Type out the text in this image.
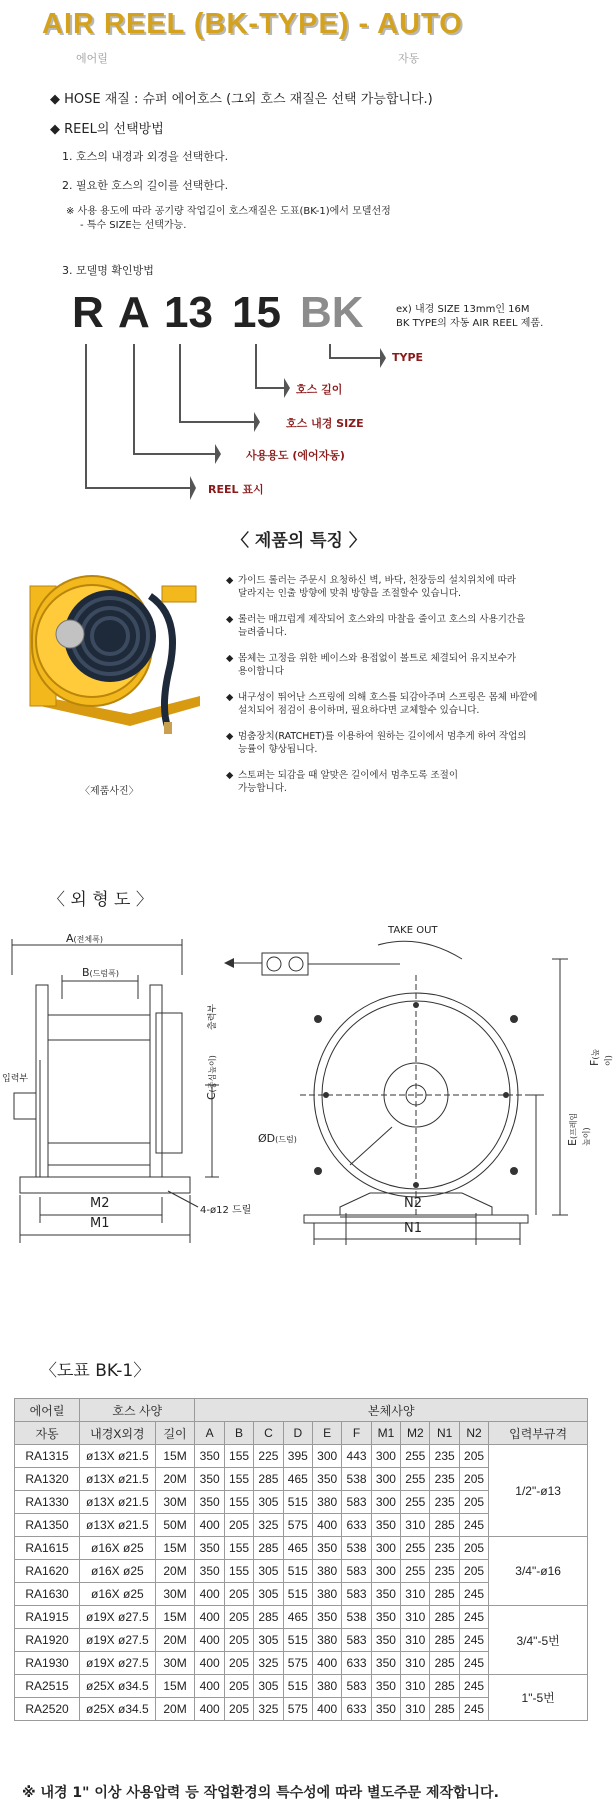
AIR REEL (BK-TYPE) - AUTO
에어릴	자동
◆ HOSE 재질 : 슈퍼 에어호스 (그외 호스 재질은 선택 가능합니다.)
◆ REEL의 선택방법
1. 호스의 내경과 외경을 선택한다.
2. 필요한 호스의 길이를 선택한다.
※ 사용 용도에 따라 공기량 작업길이 호스재질은 도표(BK-1)에서 모델선정
- 특수 SIZE는 선택가능.
3. 모델명 확인방법
R A 13 15 BK	ex) 내경 SIZE 13mm인 16M
BK TYPE의 자동 AIR REEL 제품.
TYPE
호스 길이
호스 내경 SIZE
사용용도 (에어자동)
REEL 표시
〈 제품의 특징 〉
〈제품사진〉
◆ 가이드 롤러는 주문시 요청하신 벽, 바닥, 천장등의 설치위치에 따라
달라지는 인출 방향에 맞춰 방향을 조절할수 있습니다.
◆ 롤러는 매끄럽게 제작되어 호스와의 마찰을 줄이고 호스의 사용기간을
늘려줍니다.
◆ 몸체는 고정을 위한 베이스와 용접없이 볼트로 체결되어 유지보수가
용이합니다
◆ 내구성이 뛰어난 스프링에 의해 호스를 되감아주며 스프링은 몸체 바깥에
설치되어 점검이 용이하며, 필요하다면 교체할수 있습니다.
◆ 멈춤장치(RATCHET)를 이용하여 원하는 길이에서 멈추게 하여 작업의
능률이 향상됩니다.
◆ 스토퍼는 되감을 때 알맞은 길이에서 멈추도록 조절이
가능합니다.
〈 외 형 도 〉
A(전체폭)
B(드럼폭)
C(중심높이)
ØD(드럼)	E(프레임 높이)
F(높이)
M2
M1
N2
N1
4-ø12 드릴
입력부
출력부
TAKE OUT
〈도표 BK-1〉
에어릴	호스 사양		본체사양										
자동	내경X외경	길이	A	B	C	D	E	F	M1	M2	N1	N2	입력부규격
RA1315	ø13X ø21.5	15M	350	155	225	395	300	443	300	255	235	205	1/2"-ø13
RA1320	ø13X ø21.5	20M	350	155	285	465	350	538	300	255	235	205	
RA1330	ø13X ø21.5	30M	350	155	305	515	380	583	300	255	235	205	
RA1350	ø13X ø21.5	50M	400	205	325	575	400	633	350	310	285	245	
RA1615	ø16X ø25	15M	350	155	285	465	350	538	300	255	235	205	3/4"-ø16
RA1620	ø16X ø25	20M	350	155	305	515	380	583	300	255	235	205	
RA1630	ø16X ø25	30M	400	205	305	515	380	583	350	310	285	245	
RA1915	ø19X ø27.5	15M	400	205	285	465	350	538	350	310	285	245	3/4"-5번
RA1920	ø19X ø27.5	20M	400	205	305	515	380	583	350	310	285	245	
RA1930	ø19X ø27.5	30M	400	205	325	575	400	633	350	310	285	245	
RA2515	ø25X ø34.5	15M	400	205	305	515	380	583	350	310	285	245	1"-5번
RA2520	ø25X ø34.5	20M	400	205	325	575	400	633	350	310	285	245	
※ 내경 1" 이상 사용압력 등 작업환경의 특수성에 따라 별도주문 제작합니다.
